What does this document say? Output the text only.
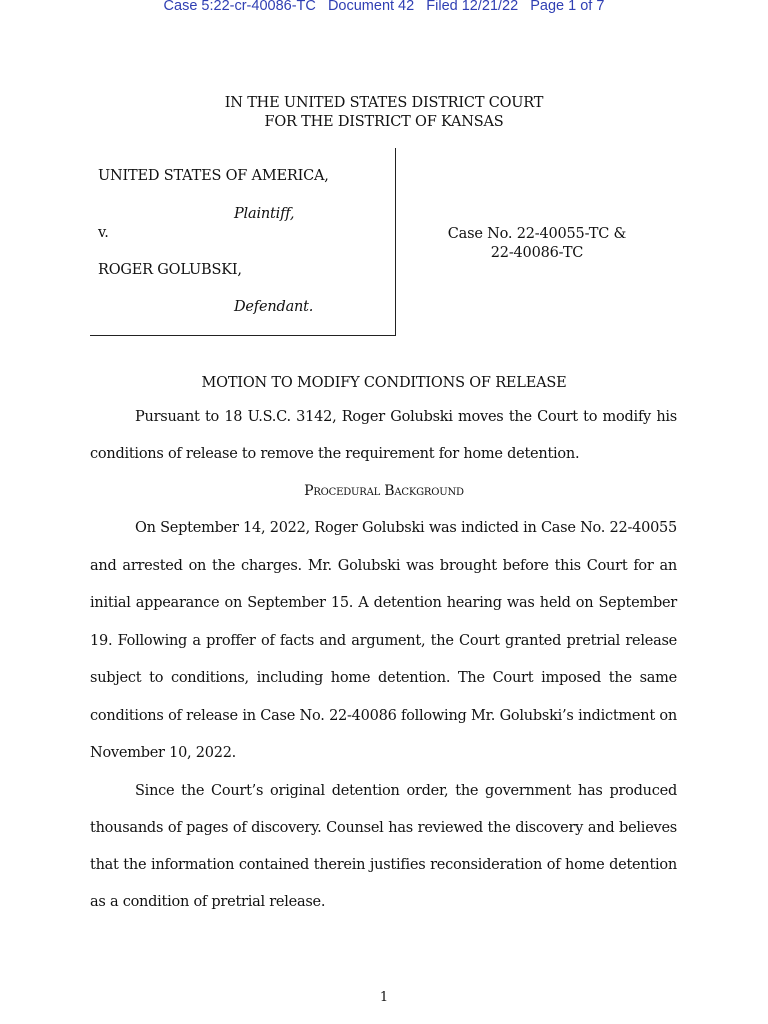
Case 5:22-cr-40086-TC   Document 42   Filed 12/21/22   Page 1 of 7
IN THE UNITED STATES DISTRICT COURT
FOR THE DISTRICT OF KANSAS
UNITED STATES OF AMERICA,
Plaintiff,
v.
ROGER GOLUBSKI,
Defendant.
Case No. 22-40055-TC &
22-40086-TC
MOTION TO MODIFY CONDITIONS OF RELEASE
Pursuant to 18 U.S.C. 3142, Roger Golubski moves the Court to modify his
conditions of release to remove the requirement for home detention.
Procedural Background
On September 14, 2022, Roger Golubski was indicted in Case No. 22-40055
and arrested on the charges. Mr. Golubski was brought before this Court for an
initial appearance on September 15. A detention hearing was held on September
19. Following a proffer of facts and argument, the Court granted pretrial release
subject to conditions, including home detention. The Court imposed the same
conditions of release in Case No. 22-40086 following Mr. Golubski’s indictment on
November 10, 2022.
Since the Court’s original detention order, the government has produced
thousands of pages of discovery. Counsel has reviewed the discovery and believes
that the information contained therein justifies reconsideration of home detention
as a condition of pretrial release.
1
